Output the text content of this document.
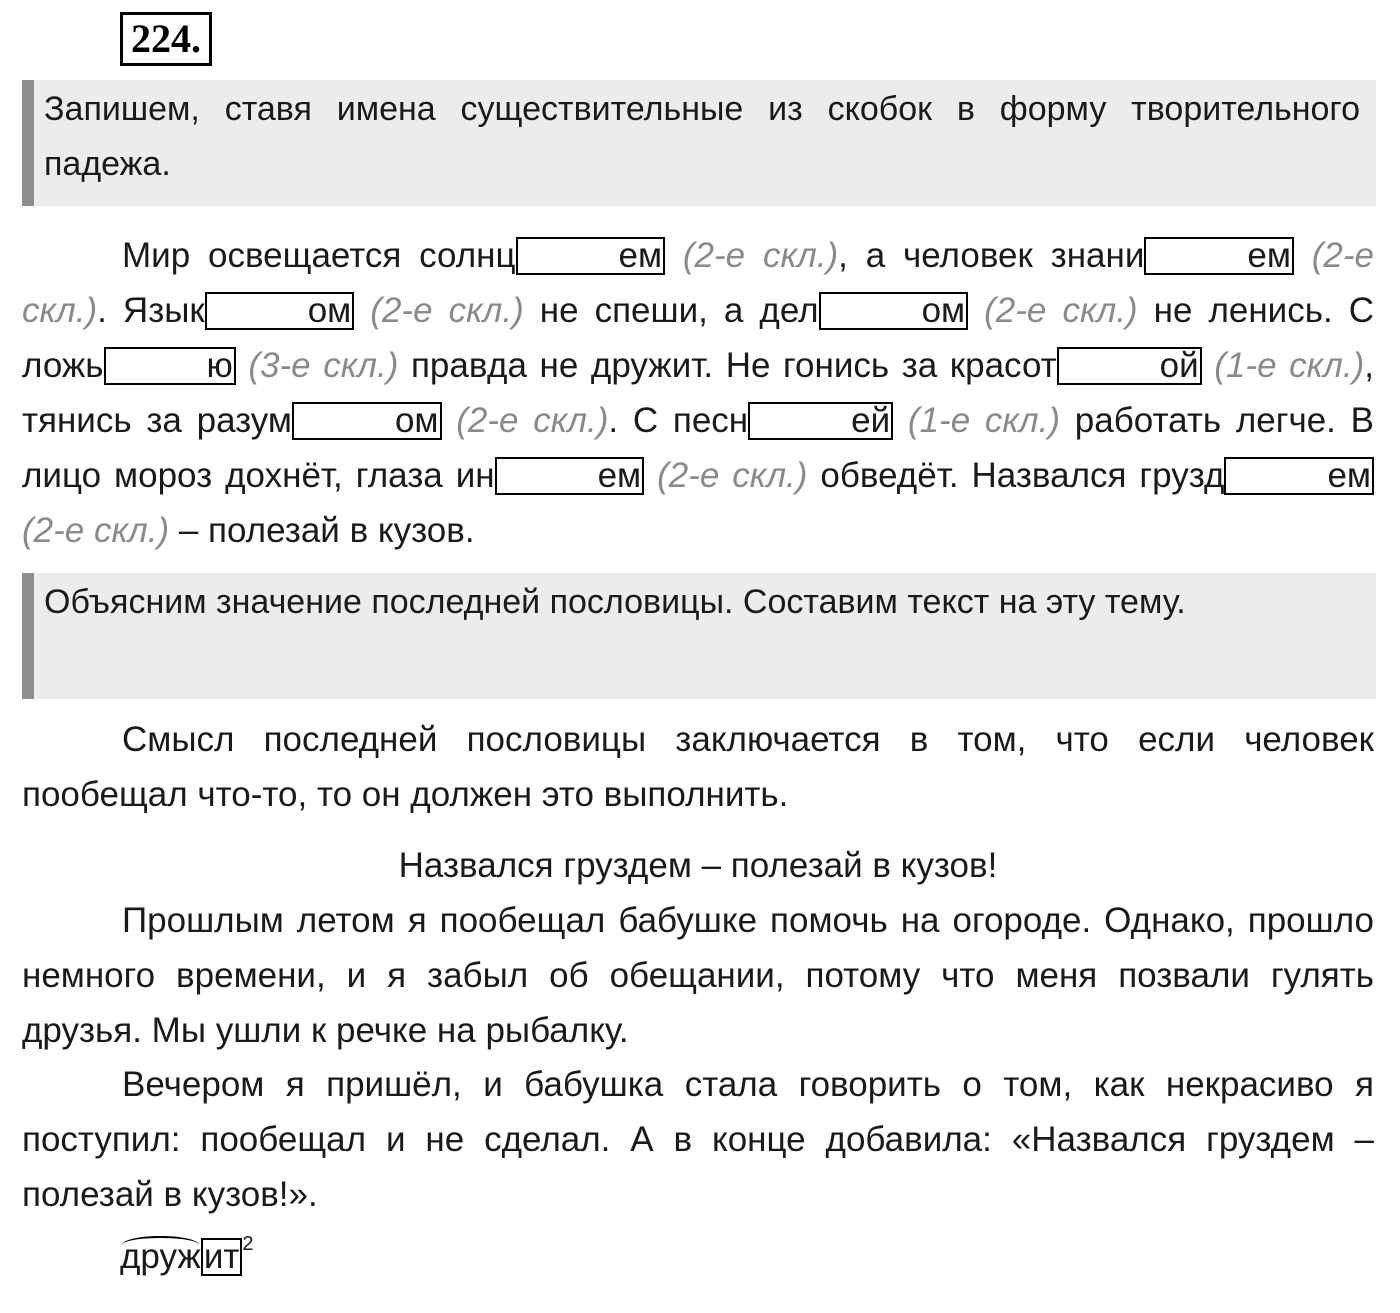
224.
Запишем, ставя имена существительные из скобок в форму творительного падежа.
Мир освещается солнц	ем (2-е скл.), а человек знани	ем (2-е скл.). Язык	ом (2-е скл.) не спеши, а дел	ом (2-е скл.) не ленись. С ложь	ю (3-е скл.) правда не дружит. Не гонись за красот	ой (1-е скл.), тянись за разум	ом (2-е скл.). С песн	ей (1-е скл.) работать легче. В лицо мороз дохнёт, глаза ин	ем (2-е скл.) обведёт. Назвался грузд	ем (2-е скл.) – полезай в кузов.
Объясним значение последней пословицы. Составим текст на эту тему.
Смысл последней пословицы заключается в том, что если человек пообещал что-то, то он должен это выполнить.
Назвался груздем – полезай в кузов!
Прошлым летом я пообещал бабушке помочь на огороде. Однако, прошло немного времени, и я забыл об обещании, потому что меня позвали гулять друзья. Мы ушли к речке на рыбалку.
Вечером я пришёл, и бабушка стала говорить о том, как некрасиво я поступил: пообещал и не сделал. А в конце добавила: «Назвался груздем – полезай в кузов!».
дружит $^2$
